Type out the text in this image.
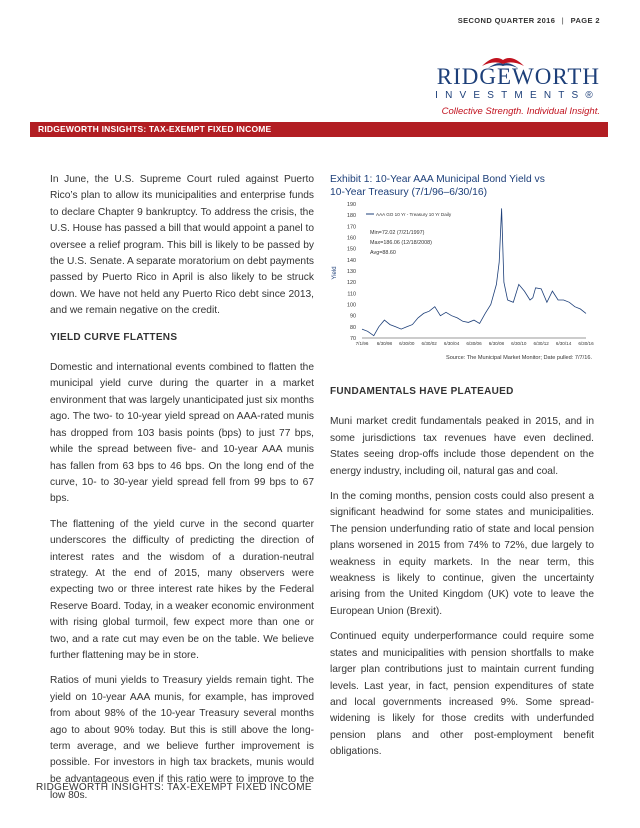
SECOND QUARTER 2016 | PAGE 2
RIDGEWORTH
INVESTMENTS®
Collective Strength. Individual Insight.
RIDGEWORTH INSIGHTS: TAX-EXEMPT FIXED INCOME

In June, the U.S. Supreme Court ruled against Puerto Rico’s plan to allow its municipalities and enterprise funds to declare Chapter 9 bankruptcy. To address the crisis, the U.S. House has passed a bill that would appoint a panel to oversee a relief program. This bill is likely to be passed by the U.S. Senate. A separate moratorium on debt payments passed by Puerto Rico in April is also likely to be struck down. We have not held any Puerto Rico debt since 2013, and we remain negative on the credit.

YIELD CURVE FLATTENS

Domestic and international events combined to flatten the municipal yield curve during the quarter in a market environment that was largely unanticipated just six months ago. The two- to 10-year yield spread on AAA-rated munis has dropped from 103 basis points (bps) to just 77 bps, while the spread between five- and 10-year AAA munis has fallen from 63 bps to 46 bps. On the long end of the curve, 10- to 30-year yield spread fell from 99 bps to 67 bps.

The flattening of the yield curve in the second quarter underscores the difficulty of predicting the direction of interest rates and the wisdom of a duration-neutral strategy. At the end of 2015, many observers were expecting two or three interest rate hikes by the Federal Reserve Board. Today, in a weaker economic environment with rising global turmoil, few expect more than one or two, and a rate cut may even be on the table. We believe further flattening may be in store.

Ratios of muni yields to Treasury yields remain tight. The yield on 10-year AAA munis, for example, has improved from about 98% of the 10-year Treasury several months ago to about 90% today. But this is still above the long-term average, and we believe further improvement is possible. For investors in high tax brackets, munis would be advantageous even if this ratio were to improve to the low 80s.

Exhibit 1: 10-Year AAA Municipal Bond Yield vs
10-Year Treasury (7/1/96–6/30/16)
Yield
70
80
90
100
110
120
130
140
150
160
170
180
190
7/1/96 6/30/98 6/30/00 6/30/02 6/30/04 6/30/06 6/30/08 6/30/10 6/30/12 6/30/14 6/30/16
AAA GO 10 Yr - Treasury 10 Yr Daily
Min=72.02 (7/21/1997)
Max=186.06 (12/18/2008)
Avg=88.60
Source: The Municipal Market Monitor; Date pulled: 7/7/16.
FUNDAMENTALS HAVE PLATEAUED

Muni market credit fundamentals peaked in 2015, and in some jurisdictions tax revenues have even declined. States seeing drop-offs include those dependent on the energy industry, including oil, natural gas and coal.

In the coming months, pension costs could also present a significant headwind for some states and municipalities. The pension underfunding ratio of state and local pension plans worsened in 2015 from 74% to 72%, due largely to weakness in equity markets. In the near term, this weakness is likely to continue, given the uncertainty arising from the United Kingdom (UK) vote to leave the European Union (Brexit).

Continued equity underperformance could require some states and municipalities with pension shortfalls to make larger plan contributions just to maintain current funding levels. Last year, in fact, pension expenditures of state and local governments increased 9%. Some spread-widening is likely for those credits with underfunded pension plans and other post-employment benefit obligations.

RIDGEWORTH INSIGHTS: TAX-EXEMPT FIXED INCOME
